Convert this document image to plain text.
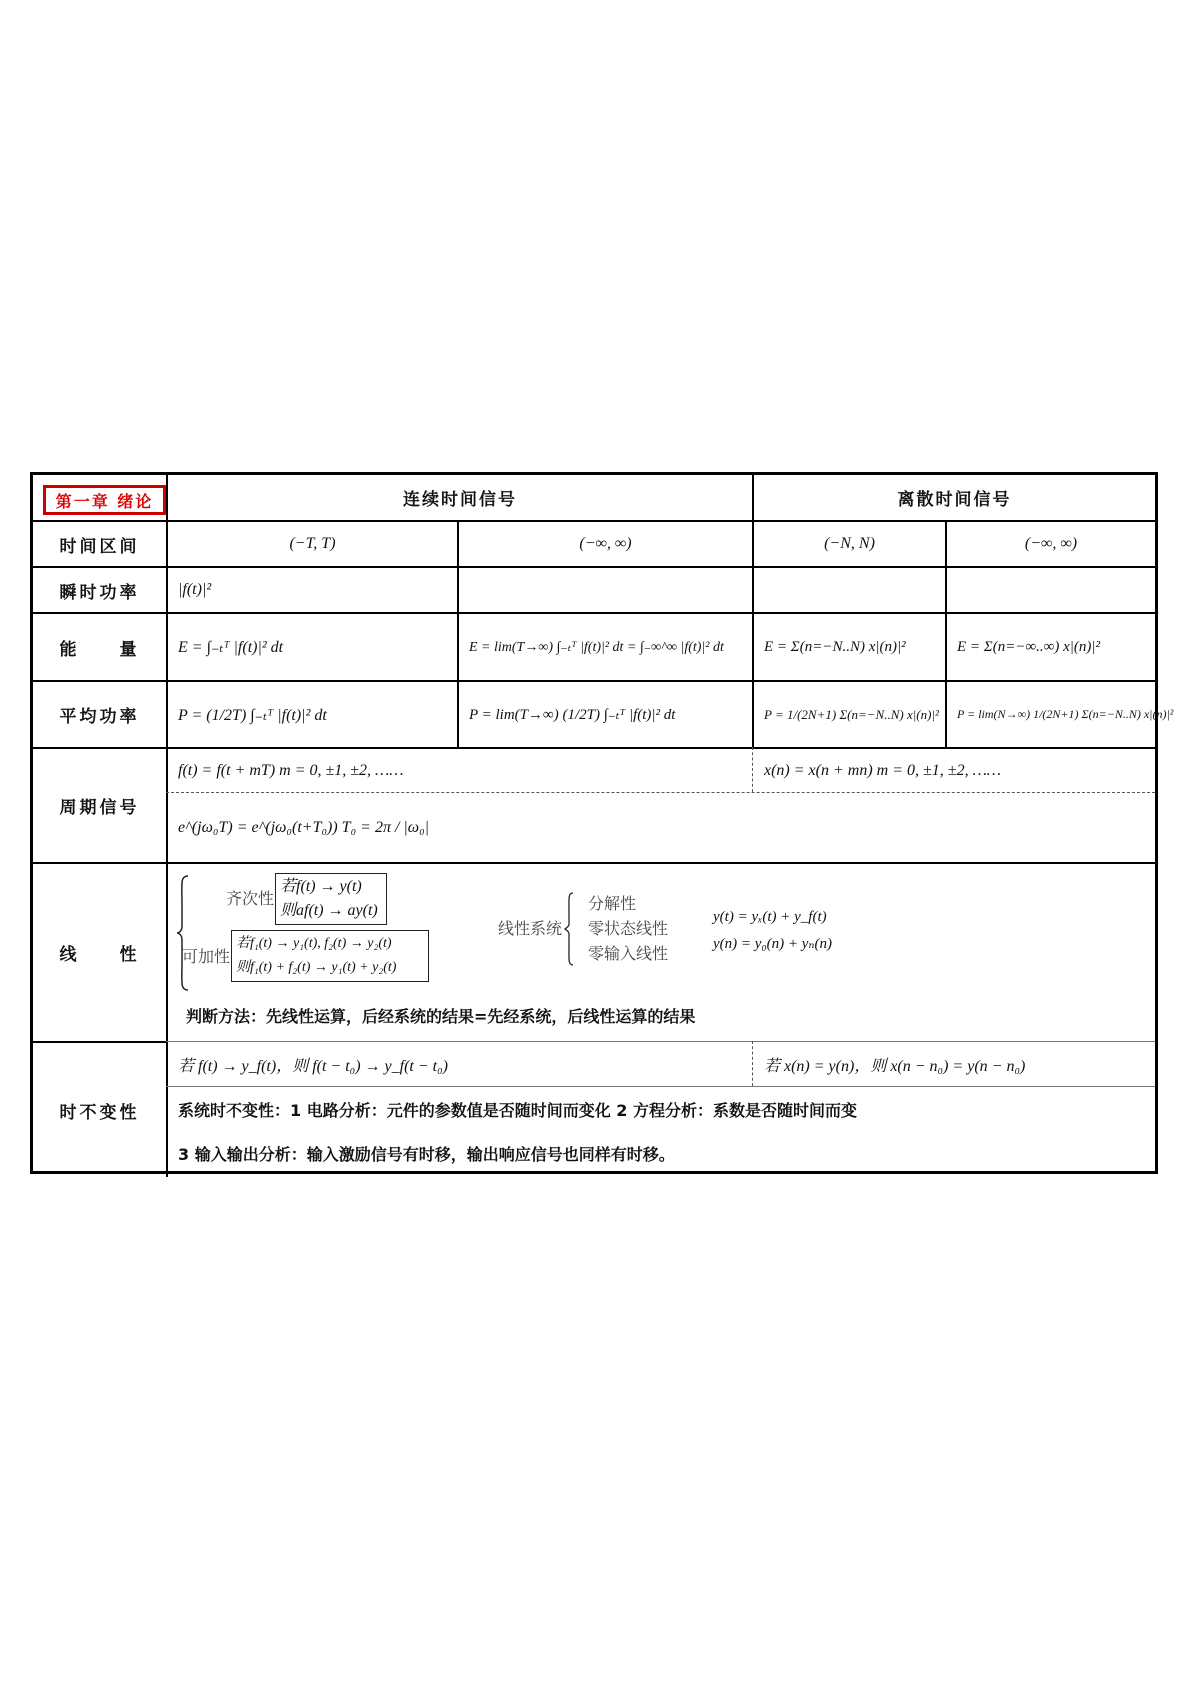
第一章 绪论	连续时间信号	离散时间信号
时间区间	(−T, T)	(−∞, ∞)	(−N, N)	(−∞, ∞)
瞬时功率	|f(t)|²
能　　量	E = ∫₋ₜᵀ |f(t)|² dt	E = lim(T→∞) ∫₋ₜᵀ |f(t)|² dt = ∫₋∞^∞ |f(t)|² dt	E = Σ(n=−N..N) x|(n)|²	E = Σ(n=−∞..∞) x|(n)|²
平均功率	P = (1/2T) ∫₋ₜᵀ |f(t)|² dt	P = lim(T→∞) (1/2T) ∫₋ₜᵀ |f(t)|² dt	P = 1/(2N+1) Σ(n=−N..N) x|(n)|²	P = lim(N→∞) 1/(2N+1) Σ(n=−N..N) x|(n)|²
周期信号
f(t) = f(t + mT) m = 0, ±1, ±2, ……	x(n) = x(n + mn) m = 0, ±1, ±2, ……
e^(jω₀T) = e^(jω₀(t+T₀)) T₀ = 2π / |ω₀|
线　　性
齐次性
若f(t) → y(t)
则af(t) → ay(t)
可加性
若f₁(t) → y₁(t), f₂(t) → y₂(t)
则f₁(t) + f₂(t) → y₁(t) + y₂(t)
线性系统
分解性
零状态线性
零输入线性
y(t) = yₓ(t) + y_f(t)
y(n) = y₀(n) + yₙ(n)
判断方法：先线性运算，后经系统的结果=先经系统，后线性运算的结果
时不变性
若 f(t) → y_f(t)，则 f(t − t₀) → y_f(t − t₀)	若 x(n) = y(n)，则 x(n − n₀) = y(n − n₀)
系统时不变性：1 电路分析：元件的参数值是否随时间而变化 2 方程分析：系数是否随时间而变
3 输入输出分析：输入激励信号有时移，输出响应信号也同样有时移。
